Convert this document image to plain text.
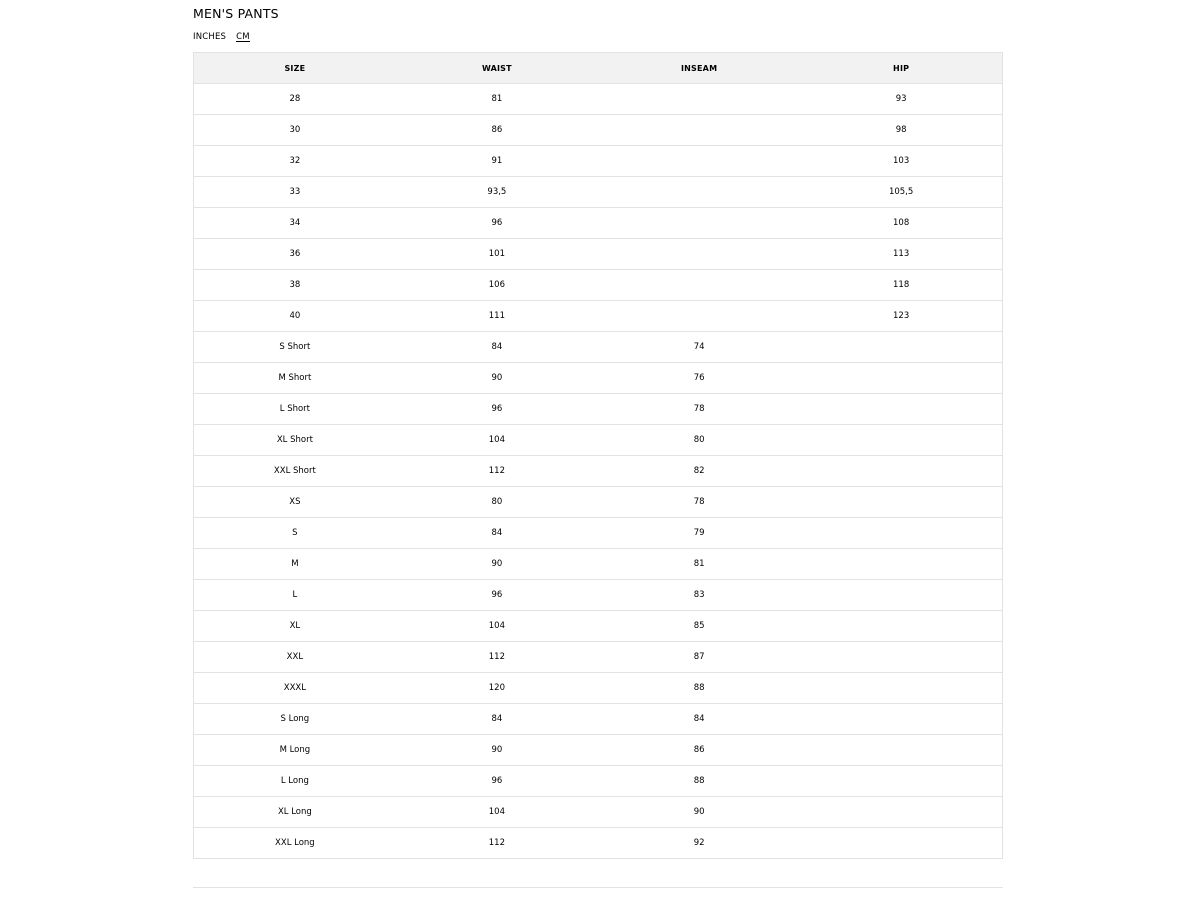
MEN'S PANTS
INCHES CM
SIZE	WAIST	INSEAM	HIP
28	81		93
30	86		98
32	91		103
33	93,5		105,5
34	96		108
36	101		113
38	106		118
40	111		123
S Short	84	74	
M Short	90	76	
L Short	96	78	
XL Short	104	80	
XXL Short	112	82	
XS	80	78	
S	84	79	
M	90	81	
L	96	83	
XL	104	85	
XXL	112	87	
XXXL	120	88	
S Long	84	84	
M Long	90	86	
L Long	96	88	
XL Long	104	90	
XXL Long	112	92	
